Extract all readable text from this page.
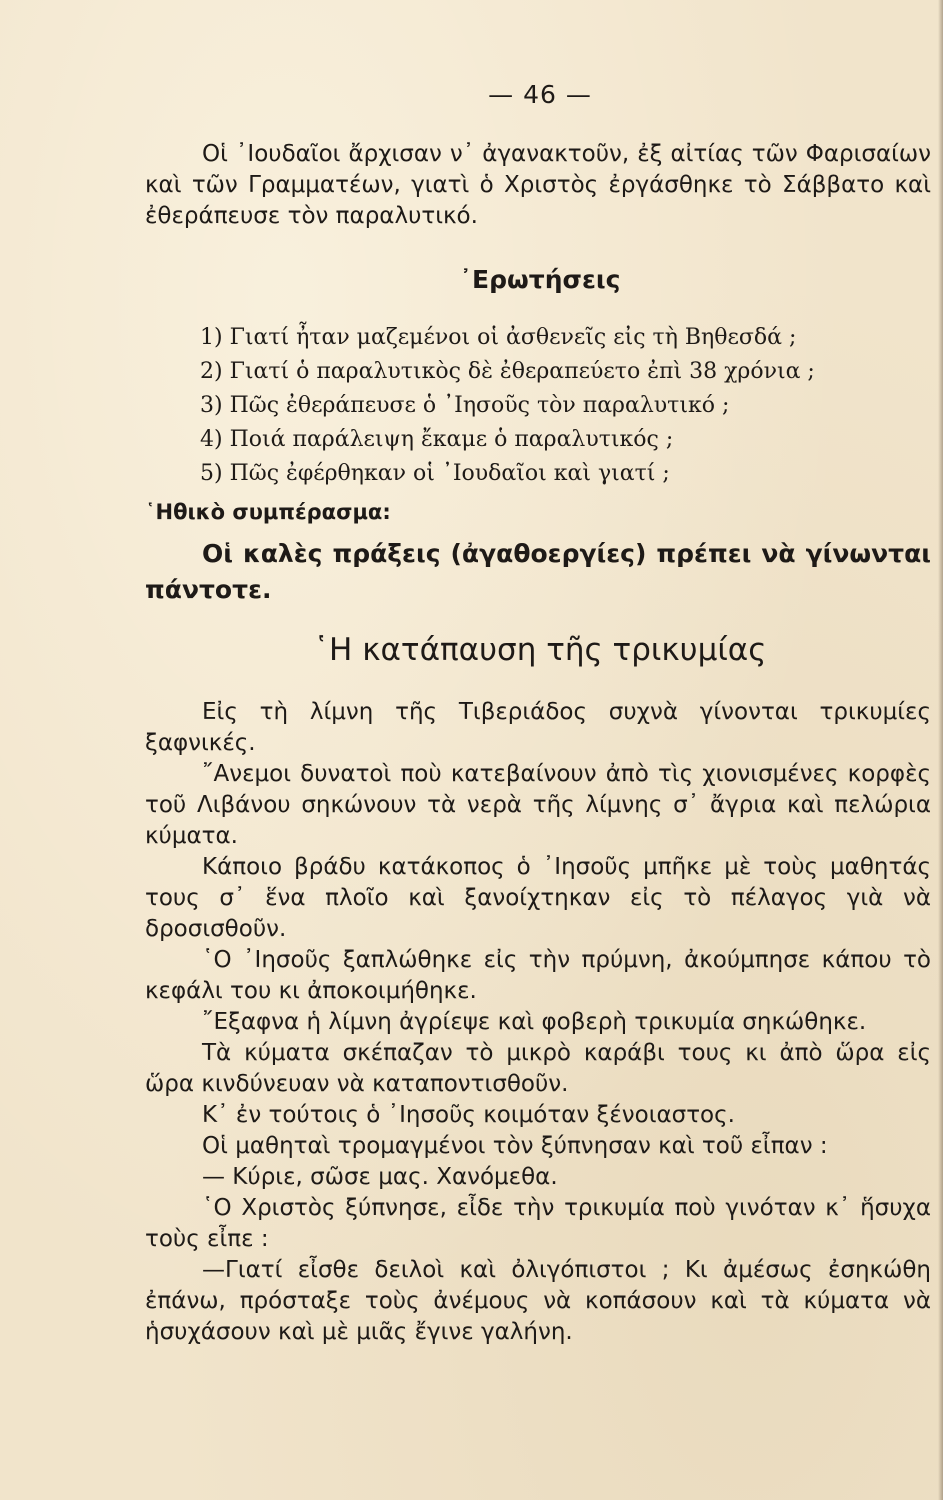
— 46 —

Οἱ ᾿Ιουδαῖοι ἄρχισαν ν᾿ ἀγανακτοῦν, ἐξ αἰτίας τῶν Φαρισαίων καὶ τῶν Γραμματέων, γιατὶ ὁ Χριστὸς ἐργάσθηκε τὸ Σάββατο καὶ ἐθεράπευσε τὸν παραλυτικό.

᾿Ερωτήσεις
1) Γιατί ἦταν μαζεμένοι οἱ ἀσθενεῖς εἰς τὴ Βηθεσδά ;
2) Γιατί ὁ παραλυτικὸς δὲ ἐθεραπεύετο ἐπὶ 38 χρόνια ;
3) Πῶς ἐθεράπευσε ὁ ᾿Ιησοῦς τὸν παραλυτικό ;
4) Ποιά παράλειψη ἔκαμε ὁ παραλυτικός ;
5) Πῶς ἐφέρθηκαν οἱ ᾿Ιουδαῖοι καὶ γιατί ;
῾Ηθικὸ συμπέρασμα:

Οἱ καλὲς πράξεις (ἀγαθοεργίες) πρέπει νὰ γίνωνται πάντοτε.

῾Η κατάπαυση τῆς τρικυμίας

Εἰς τὴ λίμνη τῆς Τιβεριάδος συχνὰ γίνονται τρικυμίες ξαφνικές.

῎Ανεμοι δυνατοὶ ποὺ κατεβαίνουν ἀπὸ τὶς χιονισμένες κορφὲς τοῦ Λιβάνου σηκώνουν τὰ νερὰ τῆς λίμνης σ᾿ ἄγρια καὶ πελώρια κύματα.

Κάποιο βράδυ κατάκοπος ὁ ᾿Ιησοῦς μπῆκε μὲ τοὺς μαθητάς τους σ᾿ ἕνα πλοῖο καὶ ξανοίχτηκαν εἰς τὸ πέλαγος γιὰ νὰ δροσισθοῦν.

῾Ο ᾿Ιησοῦς ξαπλώθηκε εἰς τὴν πρύμνη, ἀκούμπησε κάπου τὸ κεφάλι του κι ἀποκοιμήθηκε.

῎Εξαφνα ἡ λίμνη ἀγρίεψε καὶ φοβερὴ τρικυμία σηκώθηκε.

Τὰ κύματα σκέπαζαν τὸ μικρὸ καράβι τους κι ἀπὸ ὥρα εἰς ὥρα κινδύνευαν νὰ καταποντισθοῦν.

Κ᾿ ἐν τούτοις ὁ ᾿Ιησοῦς κοιμόταν ξένοιαστος.

Οἱ μαθηταὶ τρομαγμένοι τὸν ξύπνησαν καὶ τοῦ εἶπαν :

— Κύριε, σῶσε μας. Χανόμεθα.

῾Ο Χριστὸς ξύπνησε, εἶδε τὴν τρικυμία ποὺ γινόταν κ᾿ ἥσυχα τοὺς εἶπε :

—Γιατί εἶσθε δειλοὶ καὶ ὀλιγόπιστοι ; Κι ἀμέσως ἐσηκώθη ἐπάνω, πρόσταξε τοὺς ἀνέμους νὰ κοπάσουν καὶ τὰ κύματα νὰ ἡσυχάσουν καὶ μὲ μιᾶς ἔγινε γαλήνη.
